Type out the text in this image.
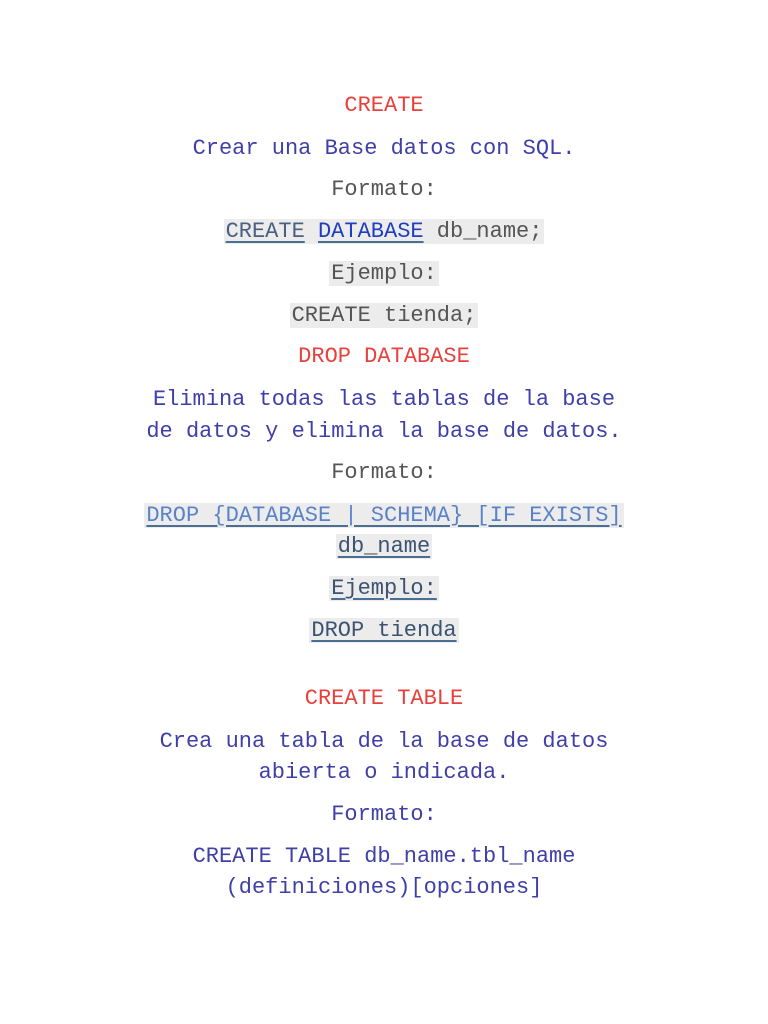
CREATE
Crear una Base datos con SQL.
Formato:
CREATE DATABASE db_name;
Ejemplo:
CREATE tienda;
DROP DATABASE
Elimina todas las tablas de la base
de datos y elimina la base de datos.
Formato:
DROP {DATABASE | SCHEMA} [IF EXISTS]
db_name
Ejemplo:
DROP tienda
CREATE TABLE
Crea una tabla de la base de datos
abierta o indicada.
Formato:
CREATE TABLE db_name.tbl_name
(definiciones)[opciones]
